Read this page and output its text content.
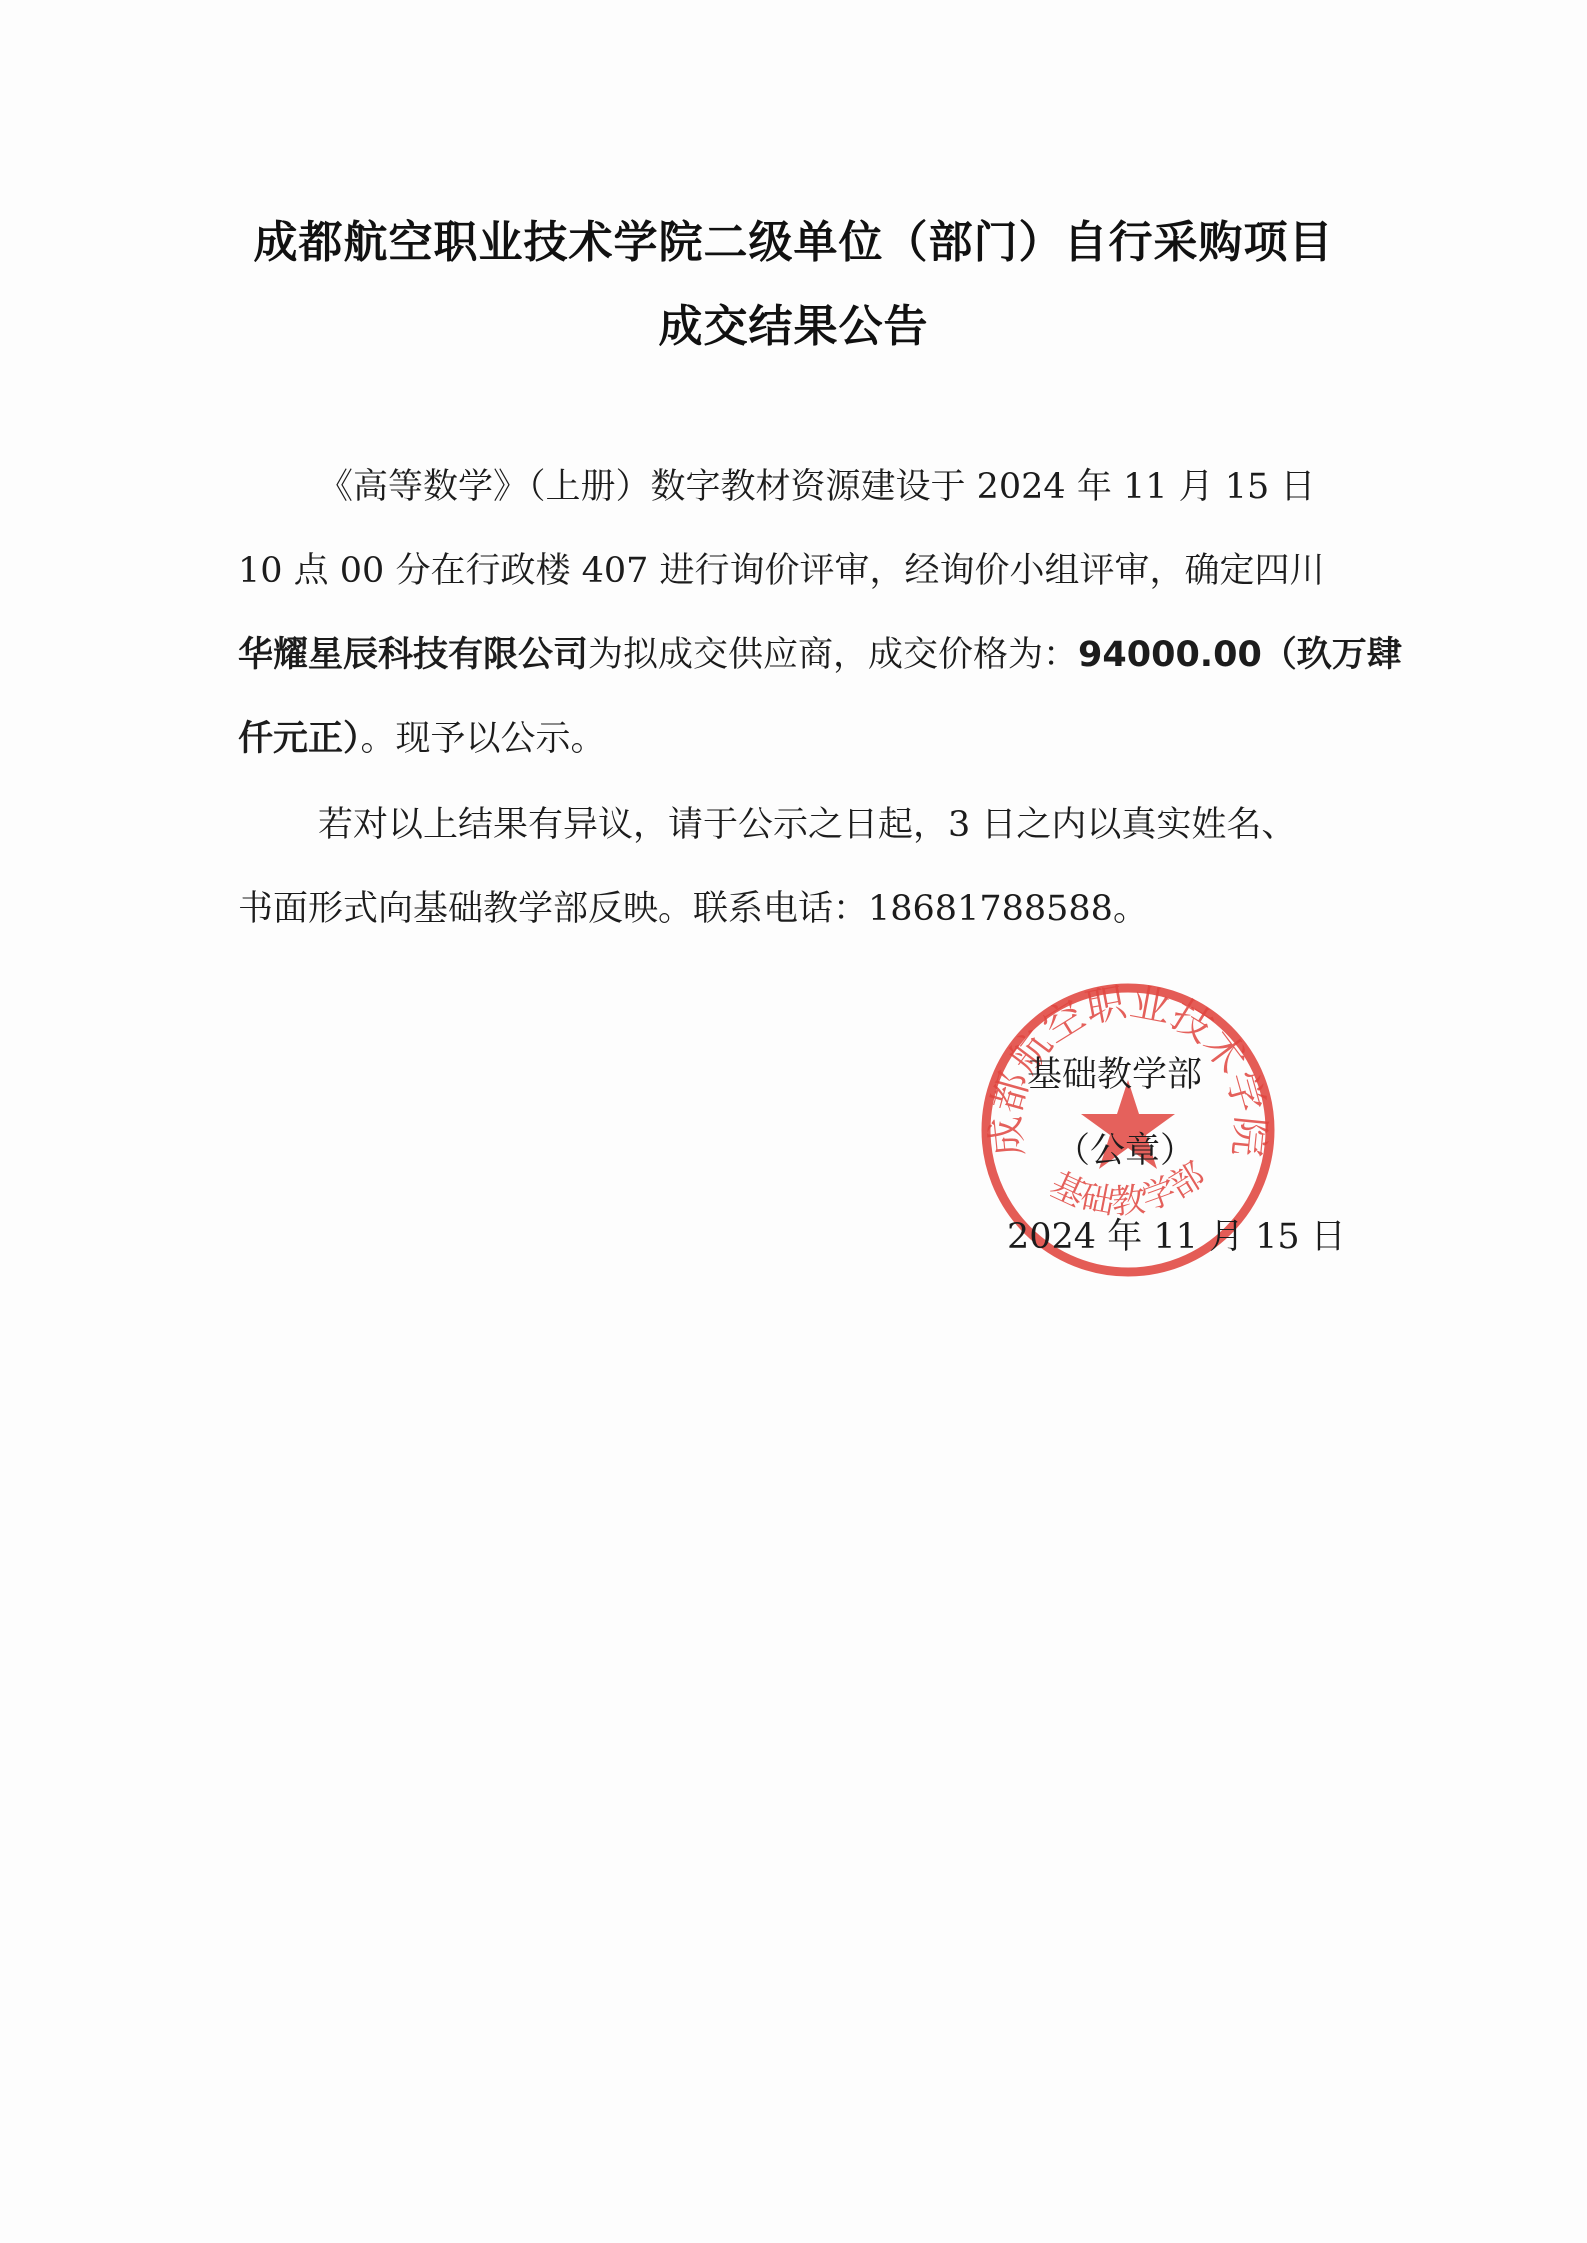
成都航空职业技术学院二级单位（部门）自行采购项目
成交结果公告
《高等数学》（上册）数字教材资源建设于 2024 年 11 月 15 日
10 点 00 分在行政楼 407 进行询价评审，经询价小组评审，确定四川
华耀星辰科技有限公司为拟成交供应商，成交价格为：94000.00（玖万肆
仟元正）。现予以公示。
若对以上结果有异议，请于公示之日起，3 日之内以真实姓名、
书面形式向基础教学部反映。联系电话：18681788588。
成都航空职业技术学院
基础教学部
基础教学部
（公章）
2024 年 11 月 15 日
